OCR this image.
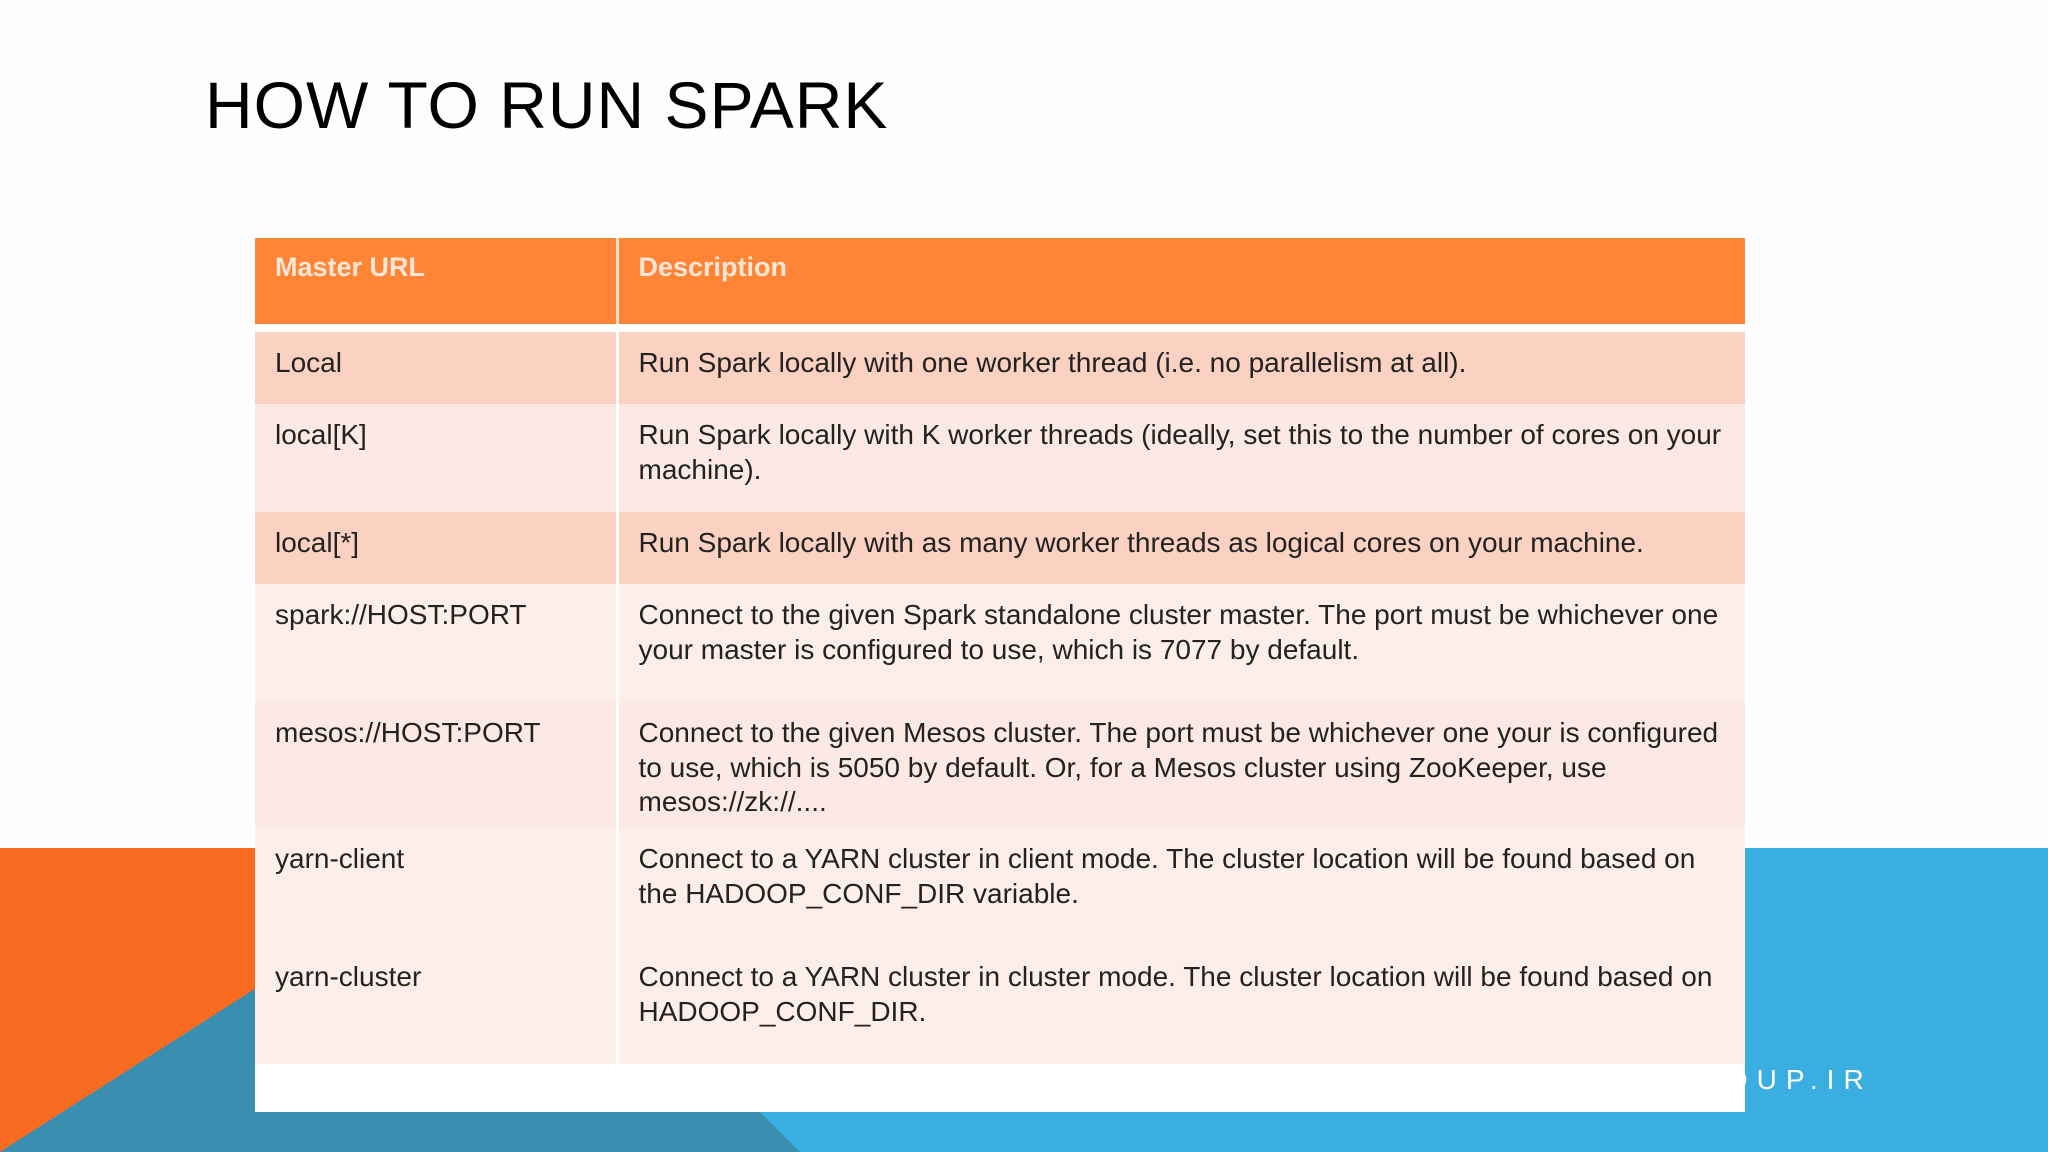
HOW TO RUN SPARK
Master URL	Description
Local	Run Spark locally with one worker thread (i.e. no parallelism at all).
local[K]	Run Spark locally with K worker threads (ideally, set this to the number of cores on your machine).
local[*]	Run Spark locally with as many worker threads as logical cores on your machine.
spark://HOST:PORT	Connect to the given Spark standalone cluster master. The port must be whichever one your master is configured to use, which is 7077 by default.
mesos://HOST:PORT	Connect to the given Mesos cluster. The port must be whichever one your is configured to use, which is 5050 by default. Or, for a Mesos cluster using ZooKeeper, use mesos://zk://....
yarn-client	Connect to a YARN cluster in client mode. The cluster location will be found based on the HADOOP_CONF_DIR variable.
yarn-cluster	Connect to a YARN cluster in cluster mode. The cluster location will be found based on HADOOP_CONF_DIR.
BIGDATAWORKGROUP.IR
